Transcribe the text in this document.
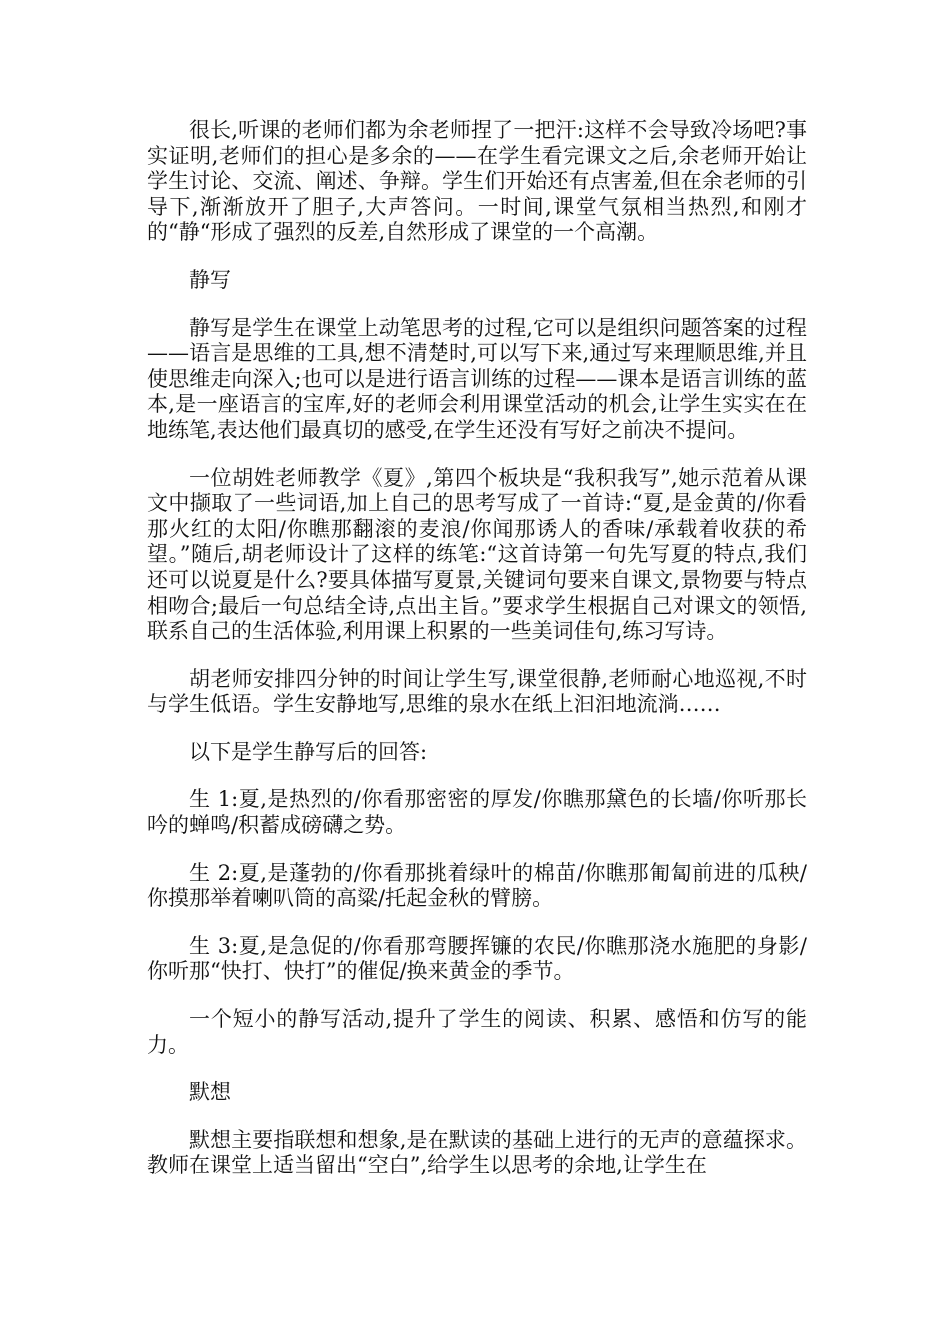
很长,听课的老师们都为余老师捏了一把汗:这样不会导致冷场吧?事实证明,老师们的担心是多余的——在学生看完课文之后,余老师开始让学生讨论、交流、阐述、争辩。学生们开始还有点害羞,但在余老师的引导下,渐渐放开了胆子,大声答问。一时间,课堂气氛相当热烈,和刚才的“静“形成了强烈的反差,自然形成了课堂的一个高潮。

静写

静写是学生在课堂上动笔思考的过程,它可以是组织问题答案的过程——语言是思维的工具,想不清楚时,可以写下来,通过写来理顺思维,并且使思维走向深入;也可以是进行语言训练的过程——课本是语言训练的蓝本,是一座语言的宝库,好的老师会利用课堂活动的机会,让学生实实在在地练笔,表达他们最真切的感受,在学生还没有写好之前决不提问。

一位胡姓老师教学《夏》,第四个板块是“我积我写”,她示范着从课文中撷取了一些词语,加上自己的思考写成了一首诗:“夏,是金黄的/你看那火红的太阳/你瞧那翻滚的麦浪/你闻那诱人的香味/承载着收获的希望。”随后,胡老师设计了这样的练笔:“这首诗第一句先写夏的特点,我们还可以说夏是什么?要具体描写夏景,关键词句要来自课文,景物要与特点相吻合;最后一句总结全诗,点出主旨。”要求学生根据自己对课文的领悟,联系自己的生活体验,利用课上积累的一些美词佳句,练习写诗。

胡老师安排四分钟的时间让学生写,课堂很静,老师耐心地巡视,不时与学生低语。学生安静地写,思维的泉水在纸上汩汩地流淌……

以下是学生静写后的回答:

生 1:夏,是热烈的/你看那密密的厚发/你瞧那黛色的长墙/你听那长吟的蝉鸣/积蓄成磅礴之势。

生 2:夏,是蓬勃的/你看那挑着绿叶的棉苗/你瞧那匍匐前进的瓜秧/你摸那举着喇叭筒的高粱/托起金秋的臂膀。

生 3:夏,是急促的/你看那弯腰挥镰的农民/你瞧那浇水施肥的身影/你听那“快打、快打”的催促/换来黄金的季节。

一个短小的静写活动,提升了学生的阅读、积累、感悟和仿写的能力。

默想

默想主要指联想和想象,是在默读的基础上进行的无声的意蕴探求。教师在课堂上适当留出“空白”,给学生以思考的余地,让学生在
